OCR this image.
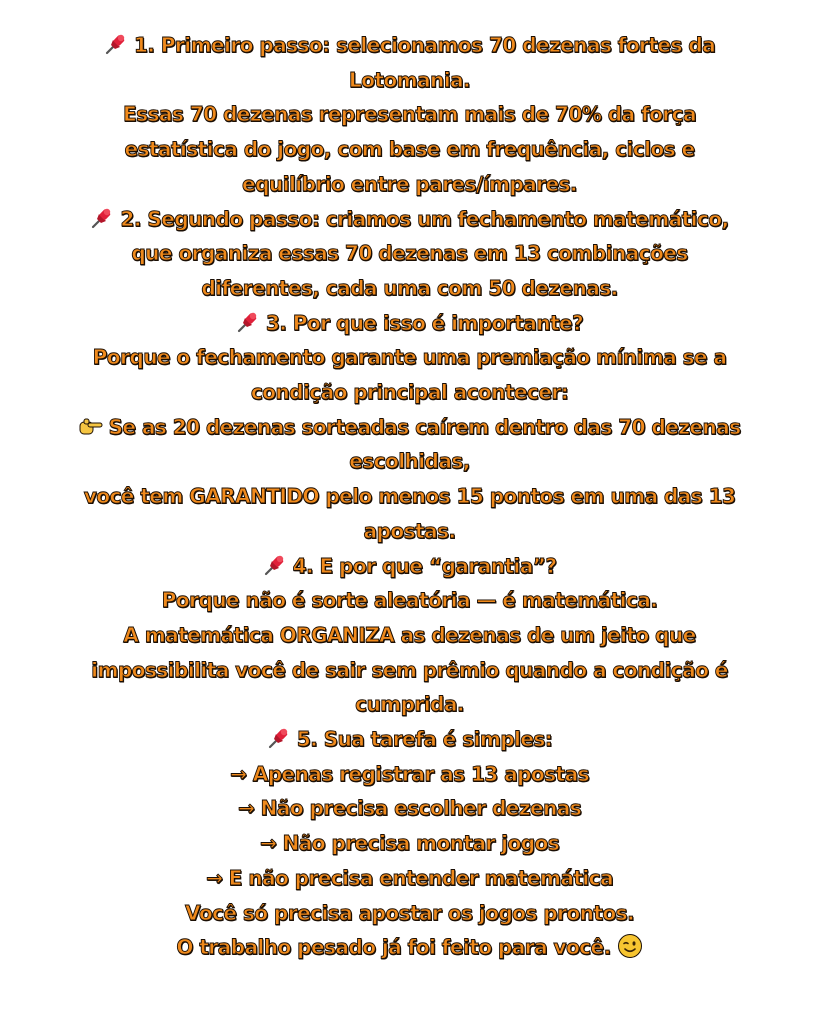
1. Primeiro passo: selecionamos 70 dezenas fortes da
Lotomania.
Essas 70 dezenas representam mais de 70% da força
estatística do jogo, com base em frequência, ciclos e
equilíbrio entre pares/ímpares.
2. Segundo passo: criamos um fechamento matemático,
que organiza essas 70 dezenas em 13 combinações
diferentes, cada uma com 50 dezenas.
3. Por que isso é importante?
Porque o fechamento garante uma premiação mínima se a
condição principal acontecer:
Se as 20 dezenas sorteadas caírem dentro das 70 dezenas
escolhidas,
você tem GARANTIDO pelo menos 15 pontos em uma das 13
apostas.
4. E por que “garantia”?
Porque não é sorte aleatória — é matemática.
A matemática ORGANIZA as dezenas de um jeito que
impossibilita você de sair sem prêmio quando a condição é
cumprida.
5. Sua tarefa é simples:
→ Apenas registrar as 13 apostas
→ Não precisa escolher dezenas
→ Não precisa montar jogos
→ E não precisa entender matemática
Você só precisa apostar os jogos prontos.
O trabalho pesado já foi feito para você.
